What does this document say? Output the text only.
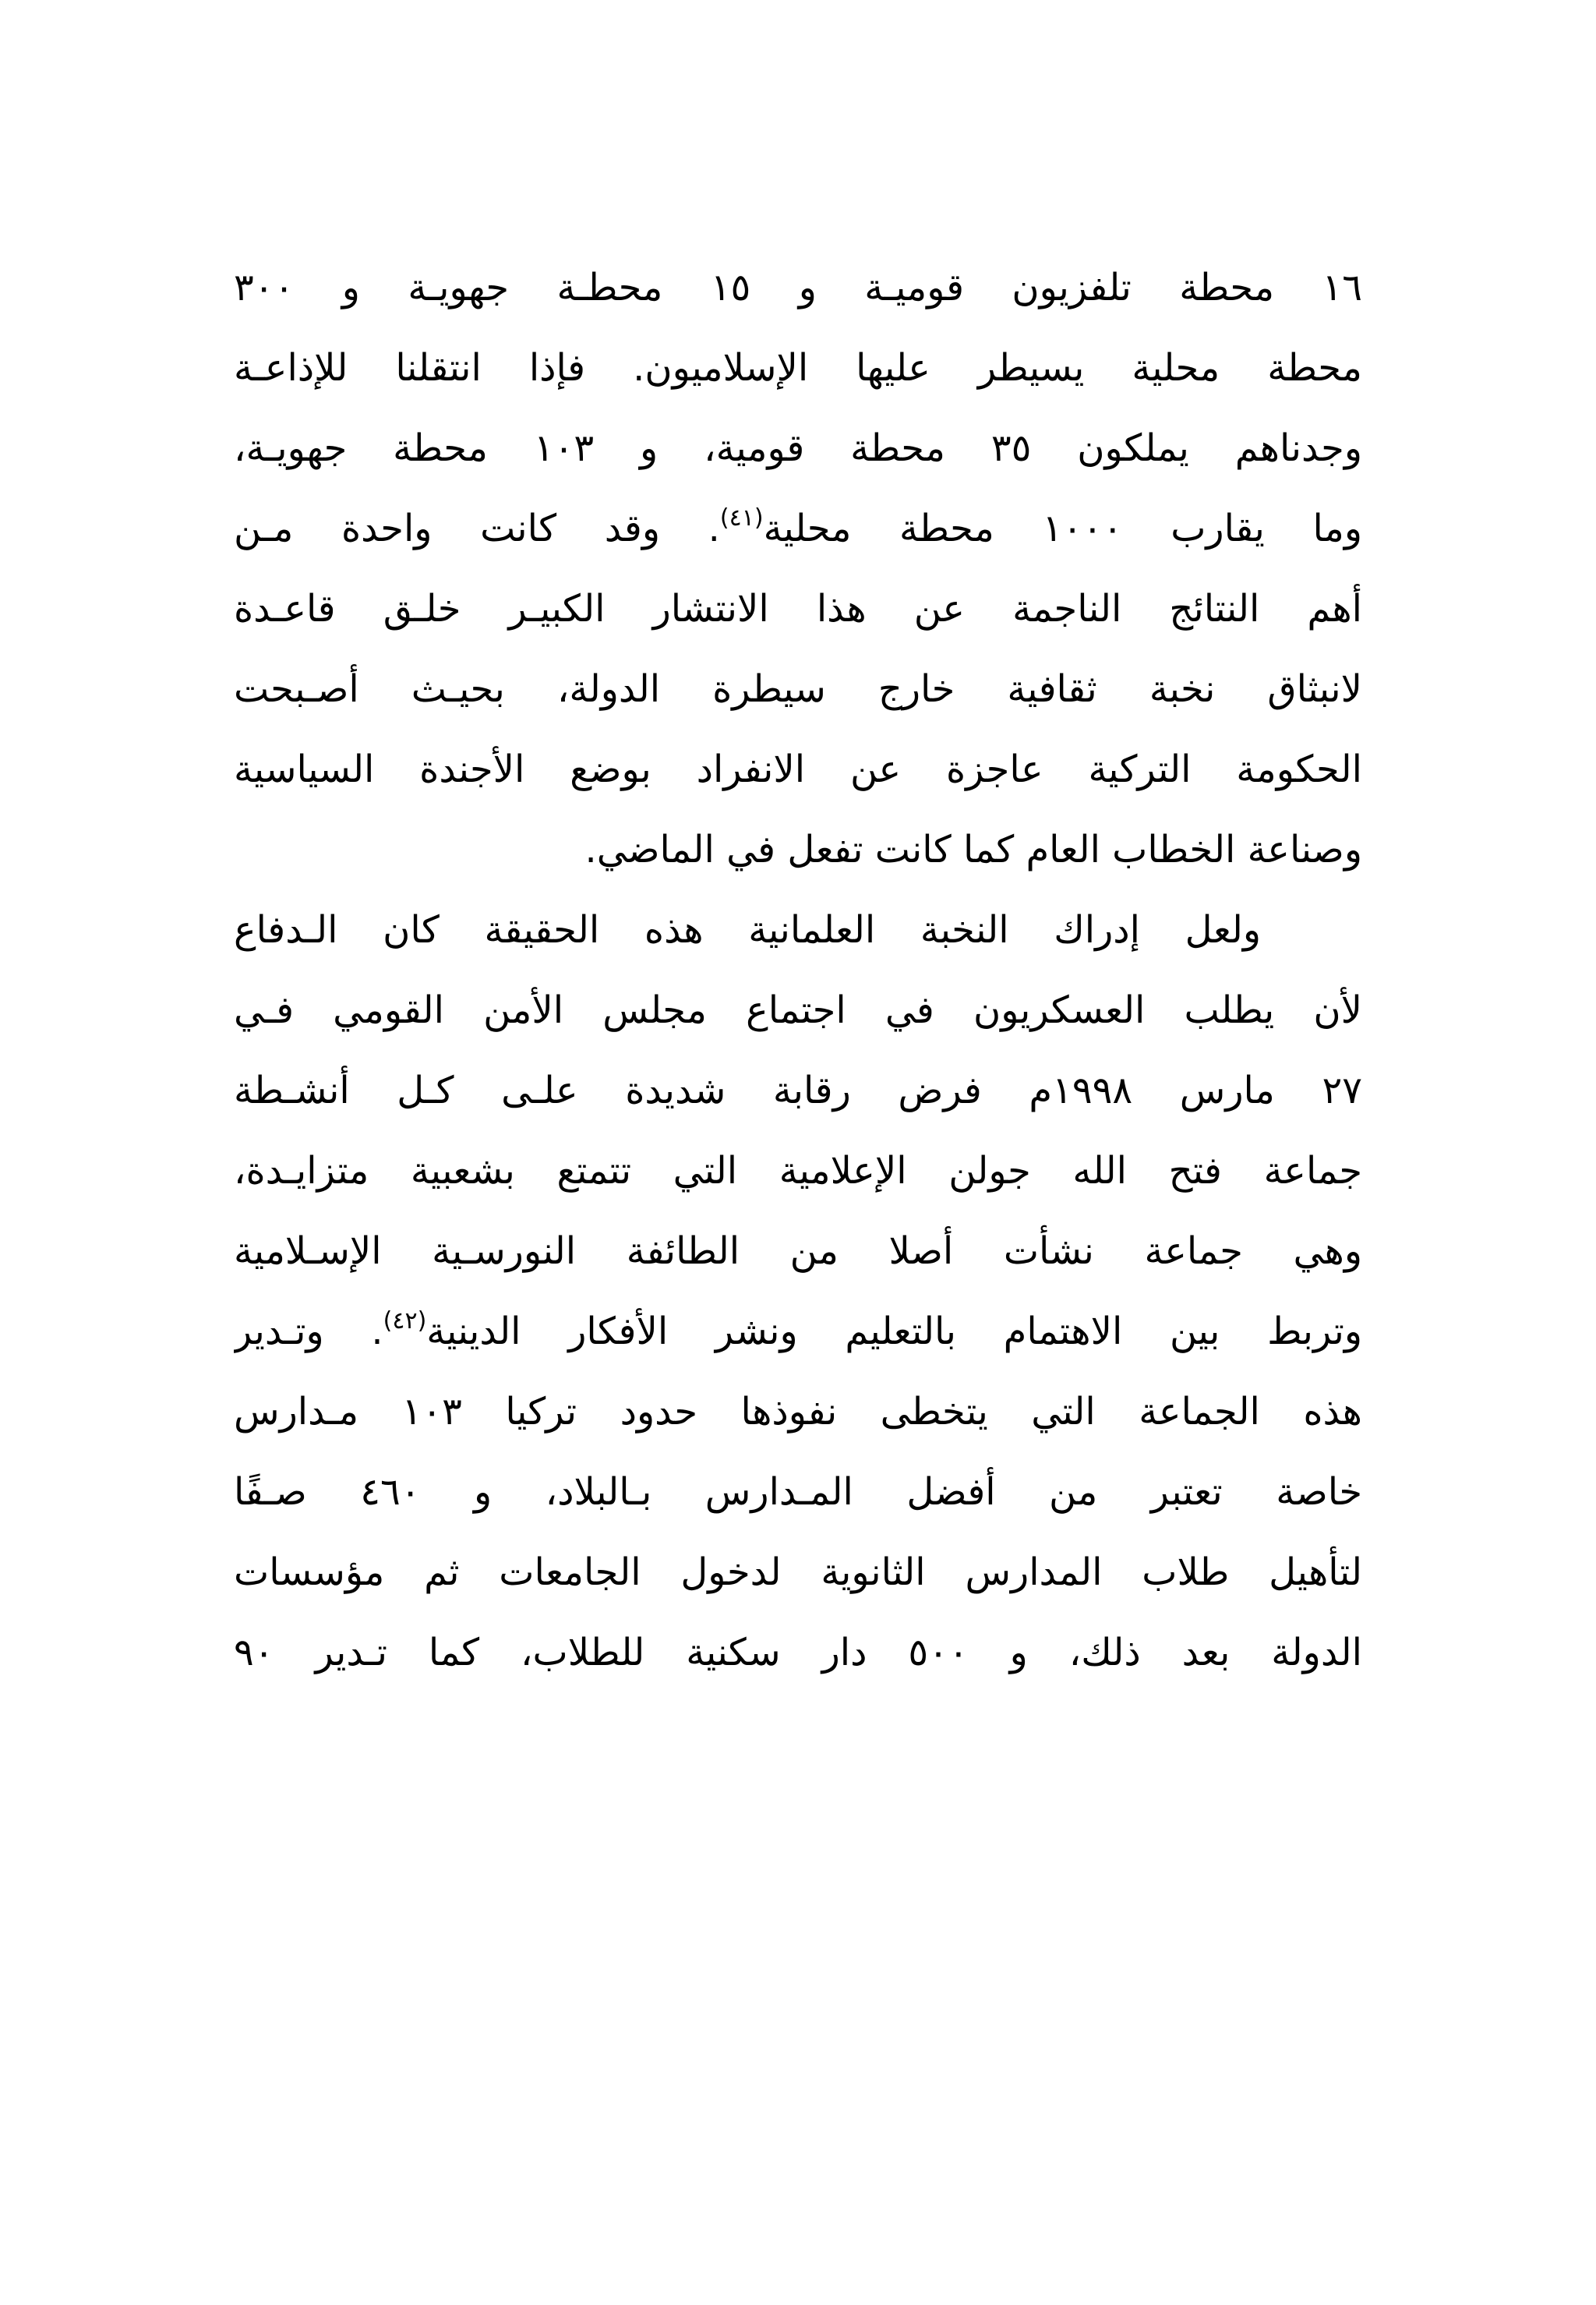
١٦ محطة تلفزيون قوميـة و ١٥ محطـة جهويـة و ٣٠٠
محطة محلية يسيطر عليها الإسلاميون. فإذا انتقلنا للإذاعـة
وجدناهم يملكون ٣٥ محطة قومية، و ١٠٣ محطة جهويـة،
وما يقارب ١٠٠٠ محطة محلية$^{(٤١)}$. وقد كانت واحدة مـن
أهم النتائج الناجمة عن هذا الانتشار الكبيـر خلـق قاعـدة
لانبثاق نخبة ثقافية خارج سيطرة الدولة، بحيـث أصـبحت
الحكومة التركية عاجزة عن الانفراد بوضع الأجندة السياسية
وصناعة الخطاب العام كما كانت تفعل في الماضي.
ولعل إدراك النخبة العلمانية هذه الحقيقة كان الـدفاع
لأن يطلب العسكريون في اجتماع مجلس الأمن القومي فـي
٢٧ مارس ١٩٩٨م فرض رقابة شديدة علـى كـل أنشـطة
جماعة فتح الله جولن الإعلامية التي تتمتع بشعبية متزايـدة،
وهي جماعة نشأت أصلا من الطائفة النورسـية الإسـلامية
وتربط بين الاهتمام بالتعليم ونشر الأفكار الدينية$^{(٤٢)}$. وتـدير
هذه الجماعة التي يتخطى نفوذها حدود تركيا ١٠٣ مـدارس
خاصة تعتبر من أفضل المـدارس بـالبلاد، و ٤٦٠ صـفًا
لتأهيل طلاب المدارس الثانوية لدخول الجامعات ثم مؤسسات
الدولة بعد ذلك، و ٥٠٠ دار سكنية للطلاب، كما تـدير ٩٠
